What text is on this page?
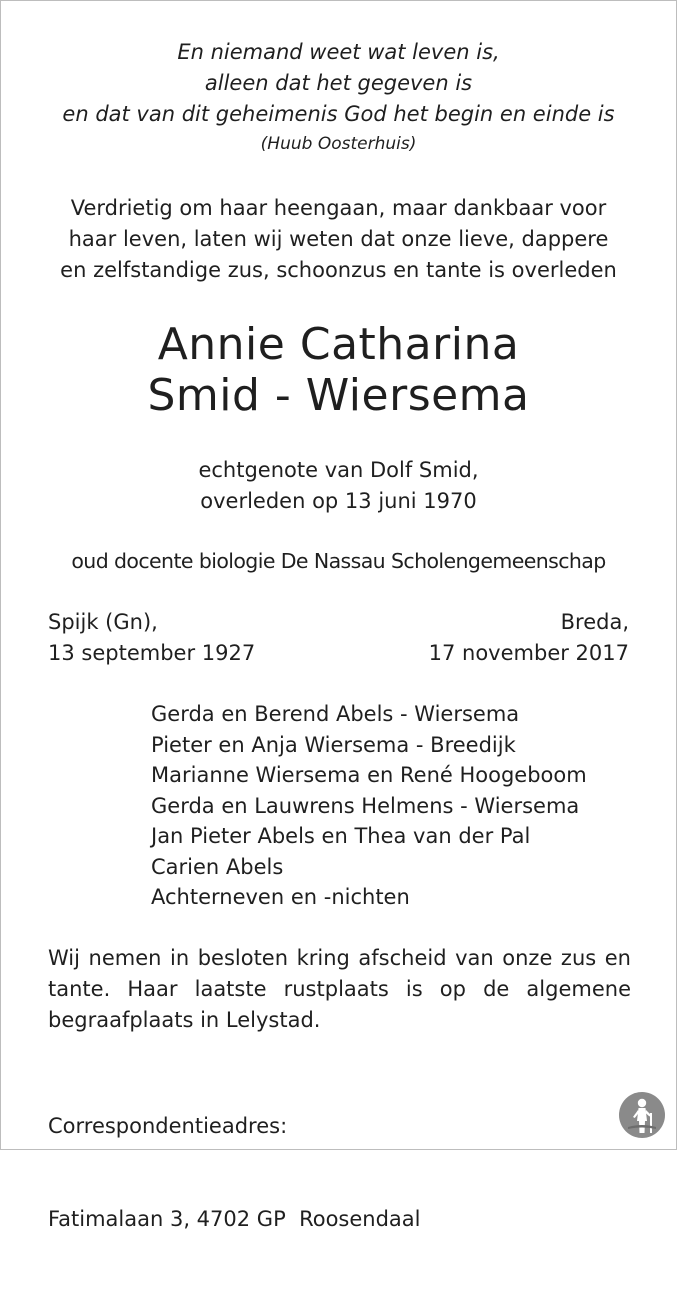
En niemand weet wat leven is,
alleen dat het gegeven is
en dat van dit geheimenis God het begin en einde is
(Huub Oosterhuis)
Verdrietig om haar heengaan, maar dankbaar voor
haar leven, laten wij weten dat onze lieve, dappere
en zelfstandige zus, schoonzus en tante is overleden
Annie Catharina
Smid - Wiersema
echtgenote van Dolf Smid,
overleden op 13 juni 1970
oud docente biologie De Nassau Scholengemeenschap
Spijk (Gn),
13 september 1927
Breda,
17 november 2017
Gerda en Berend Abels - Wiersema
Pieter en Anja Wiersema - Breedijk
Marianne Wiersema en René Hoogeboom
Gerda en Lauwrens Helmens - Wiersema
Jan Pieter Abels en Thea van der Pal
Carien Abels
Achterneven en -nichten
Wij nemen in besloten kring afscheid van onze zus en tante. Haar laatste rustplaats is op de algemene begraafplaats in Lelystad.

Correspondentieadres:

Fatimalaan 3, 4702 GP  Roosendaal
